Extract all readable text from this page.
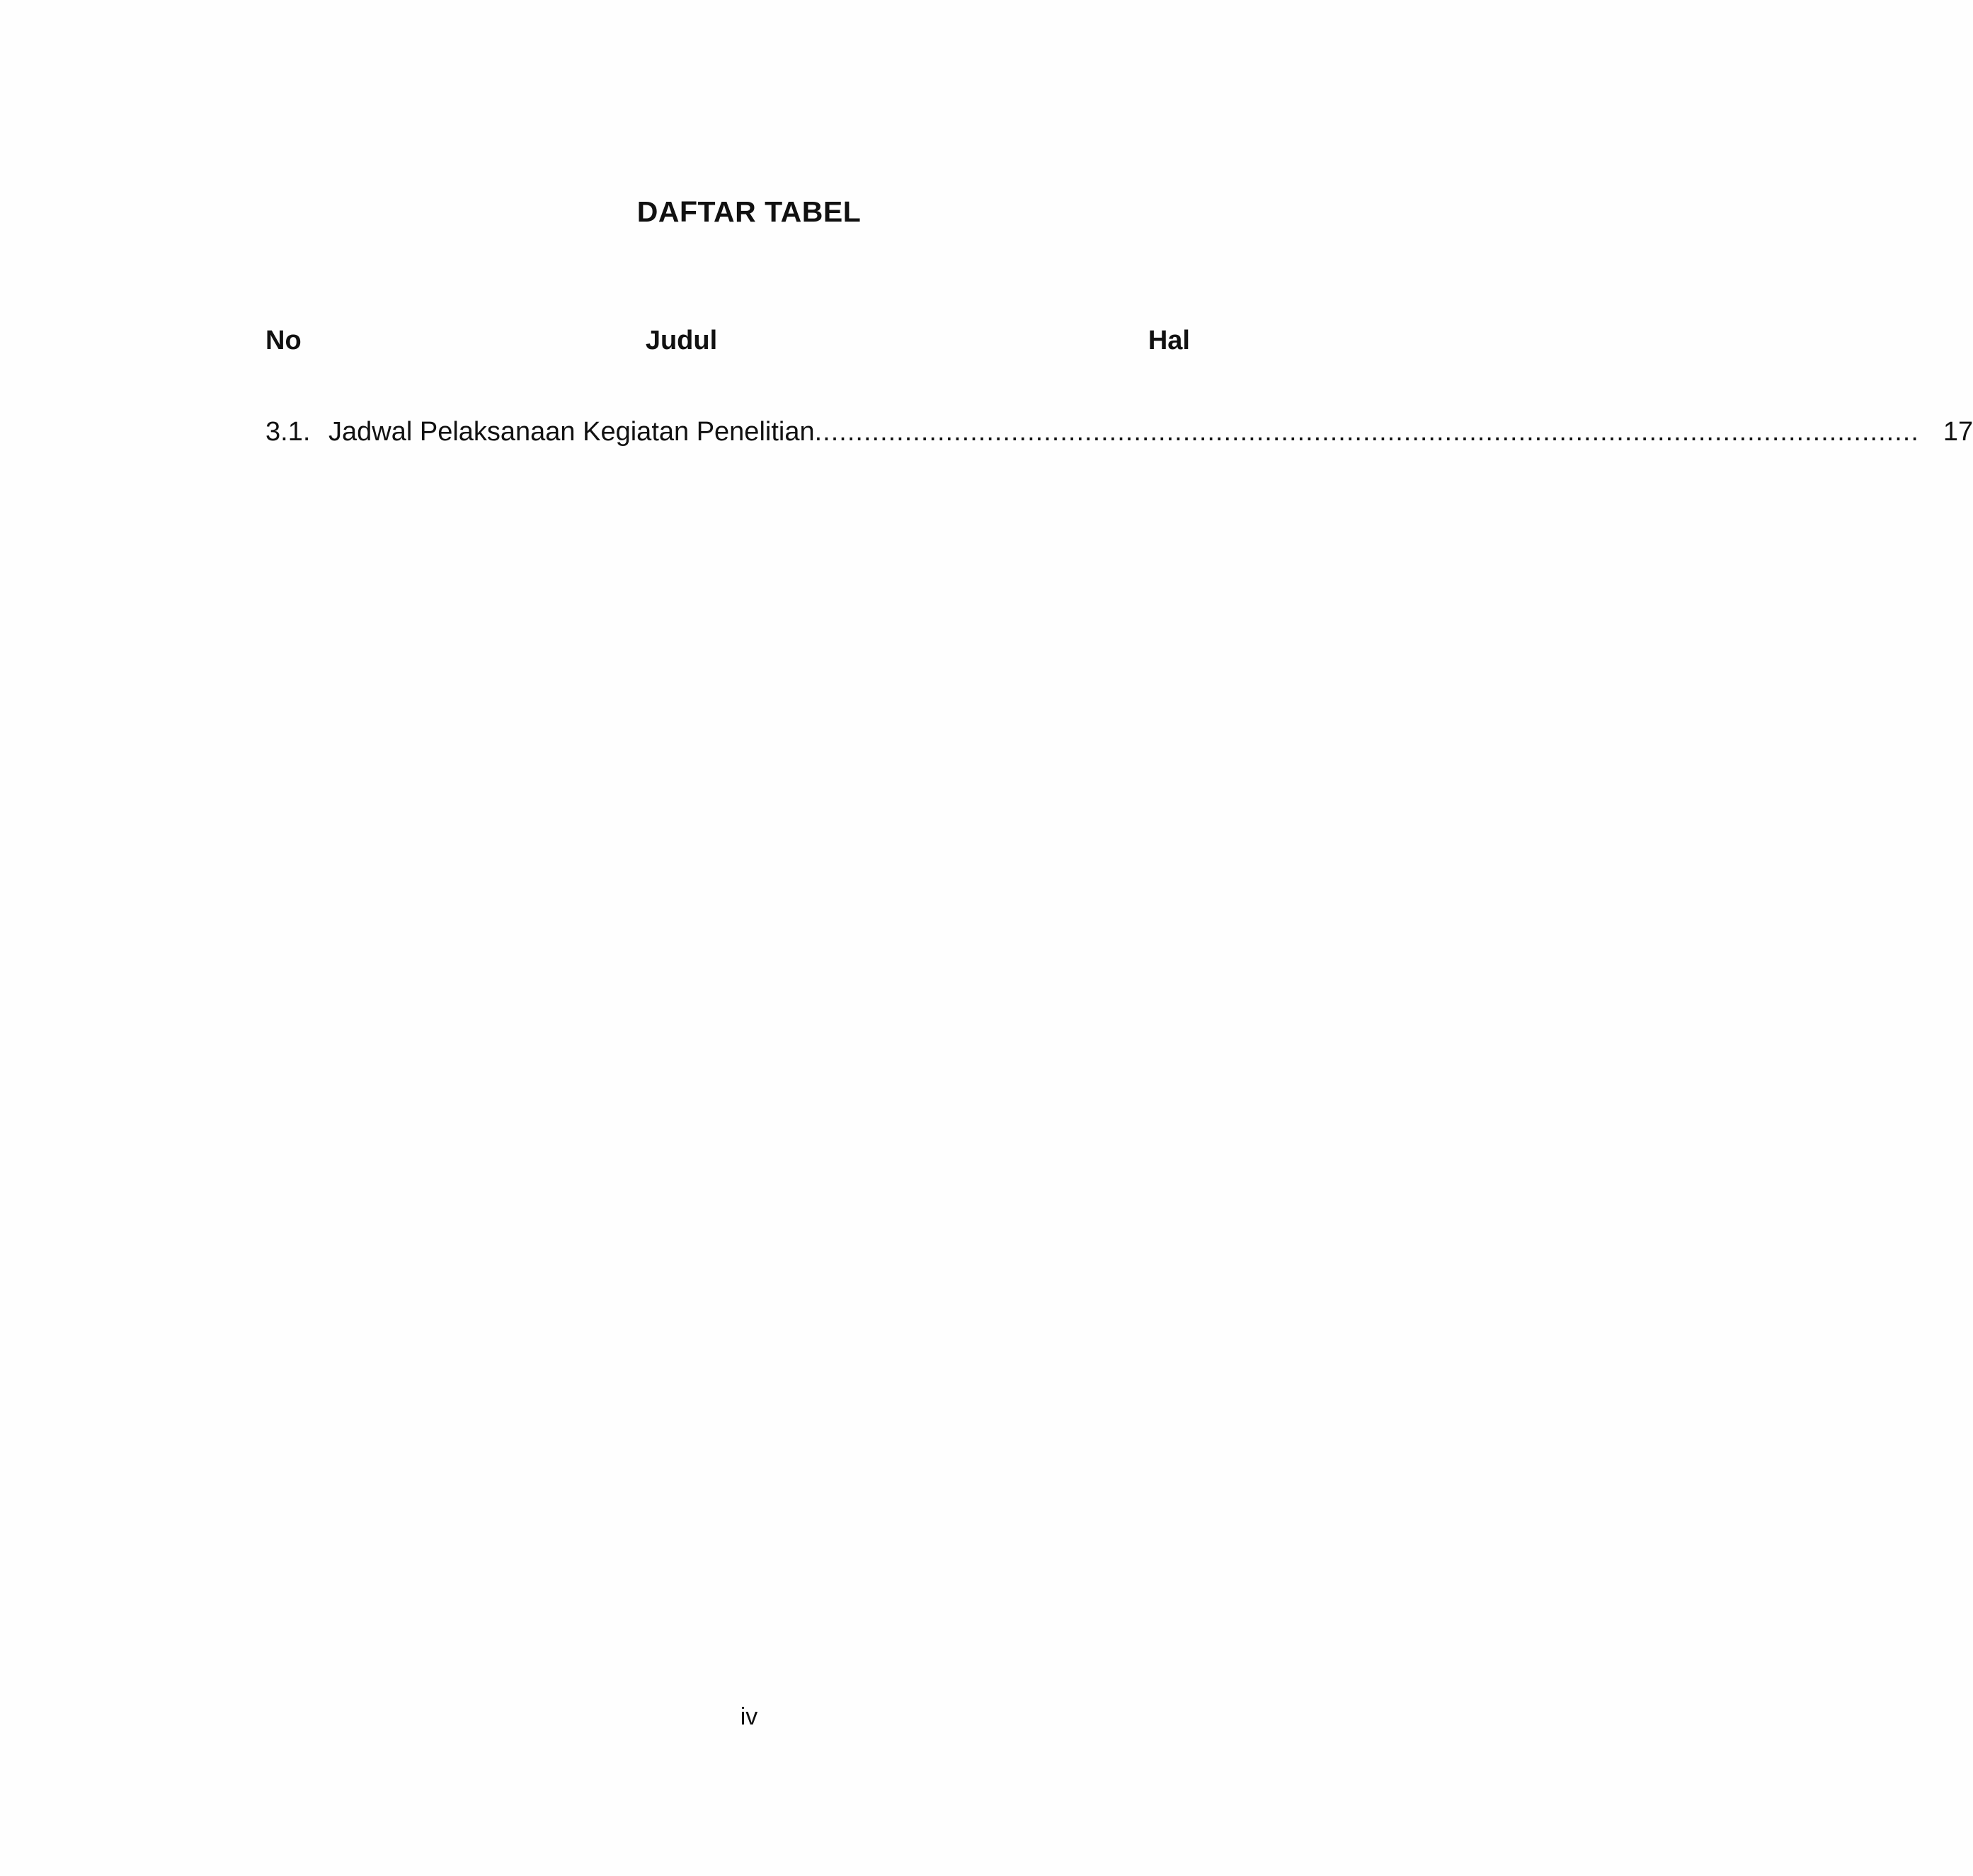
DAFTAR TABEL
No	Judul	Hal
3.1. Jadwal Pelaksanaan Kegiatan Penelitian ....................................................................................................................................... 17
iv
